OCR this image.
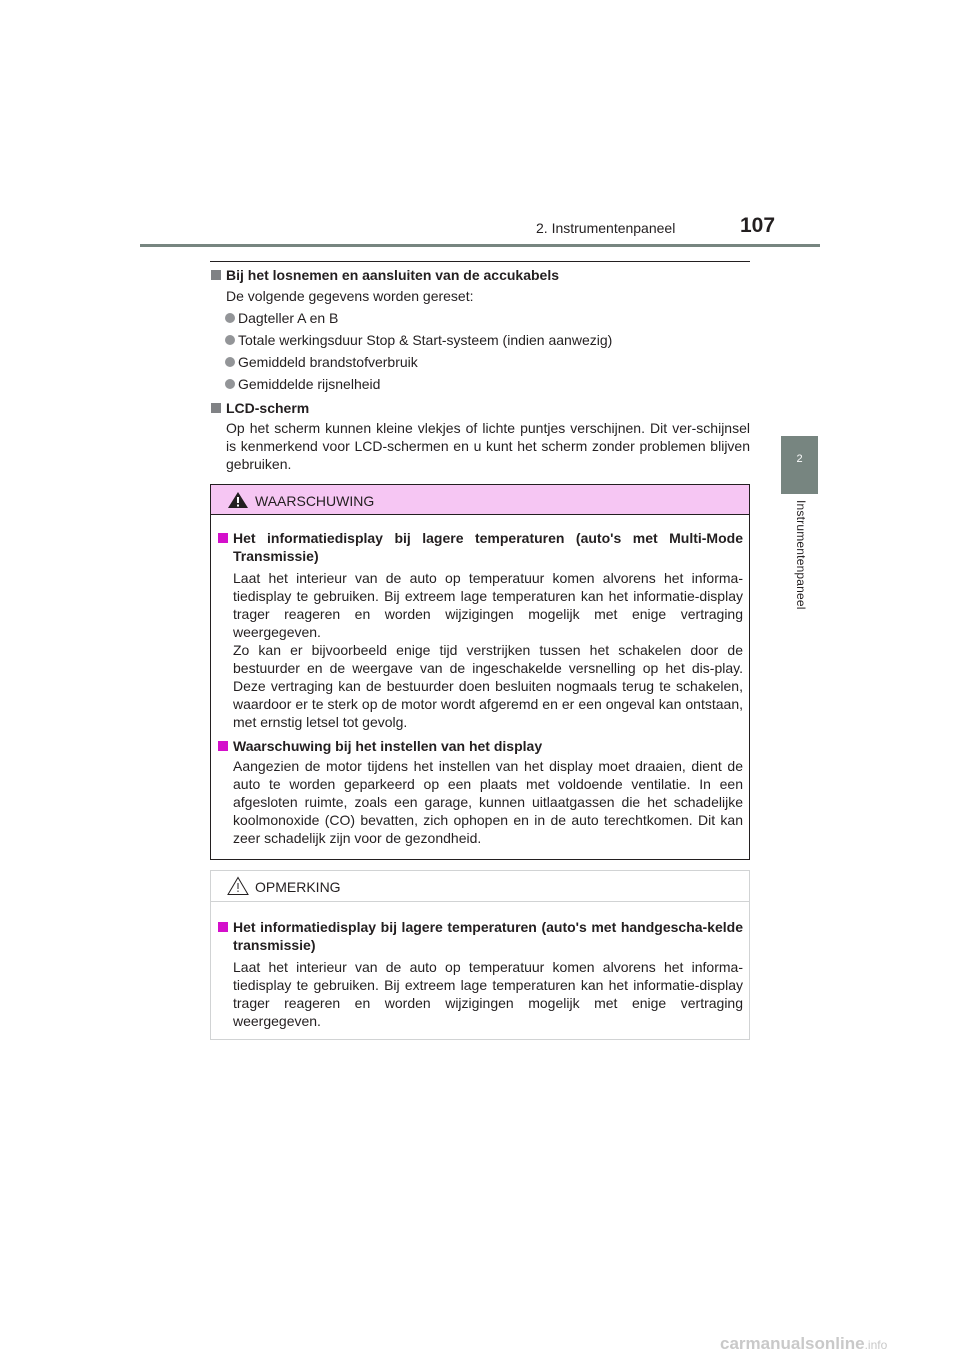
2. Instrumentenpaneel	107
2
Instrumentenpaneel

Bij het losnemen en aansluiten van de accukabels

De volgende gegevens worden gereset:

Dagteller A en B

Totale werkingsduur Stop & Start-systeem (indien aanwezig)

Gemiddeld brandstofverbruik

Gemiddelde rijsnelheid

LCD-scherm

Op het scherm kunnen kleine vlekjes of lichte puntjes verschijnen. Dit ver-schijnsel is kenmerkend voor LCD-schermen en u kunt het scherm zonder problemen blijven gebruiken.

WAARSCHUWING

Het informatiedisplay bij lagere temperaturen (auto's met Multi-Mode Transmissie)

Laat het interieur van de auto op temperatuur komen alvorens het informa-tiedisplay te gebruiken. Bij extreem lage temperaturen kan het informatie-display trager reageren en worden wijzigingen mogelijk met enige vertraging weergegeven.

Zo kan er bijvoorbeeld enige tijd verstrijken tussen het schakelen door de bestuurder en de weergave van de ingeschakelde versnelling op het dis-play. Deze vertraging kan de bestuurder doen besluiten nogmaals terug te schakelen, waardoor er te sterk op de motor wordt afgeremd en er een ongeval kan ontstaan, met ernstig letsel tot gevolg.

Waarschuwing bij het instellen van het display

Aangezien de motor tijdens het instellen van het display moet draaien, dient de auto te worden geparkeerd op een plaats met voldoende ventilatie. In een afgesloten ruimte, zoals een garage, kunnen uitlaatgassen die het schadelijke koolmonoxide (CO) bevatten, zich ophopen en in de auto terechtkomen. Dit kan zeer schadelijk zijn voor de gezondheid.

OPMERKING

Het informatiedisplay bij lagere temperaturen (auto's met handgescha-kelde transmissie)

Laat het interieur van de auto op temperatuur komen alvorens het informa-tiedisplay te gebruiken. Bij extreem lage temperaturen kan het informatie-display trager reageren en worden wijzigingen mogelijk met enige vertraging weergegeven.

carmanualsonline.info
